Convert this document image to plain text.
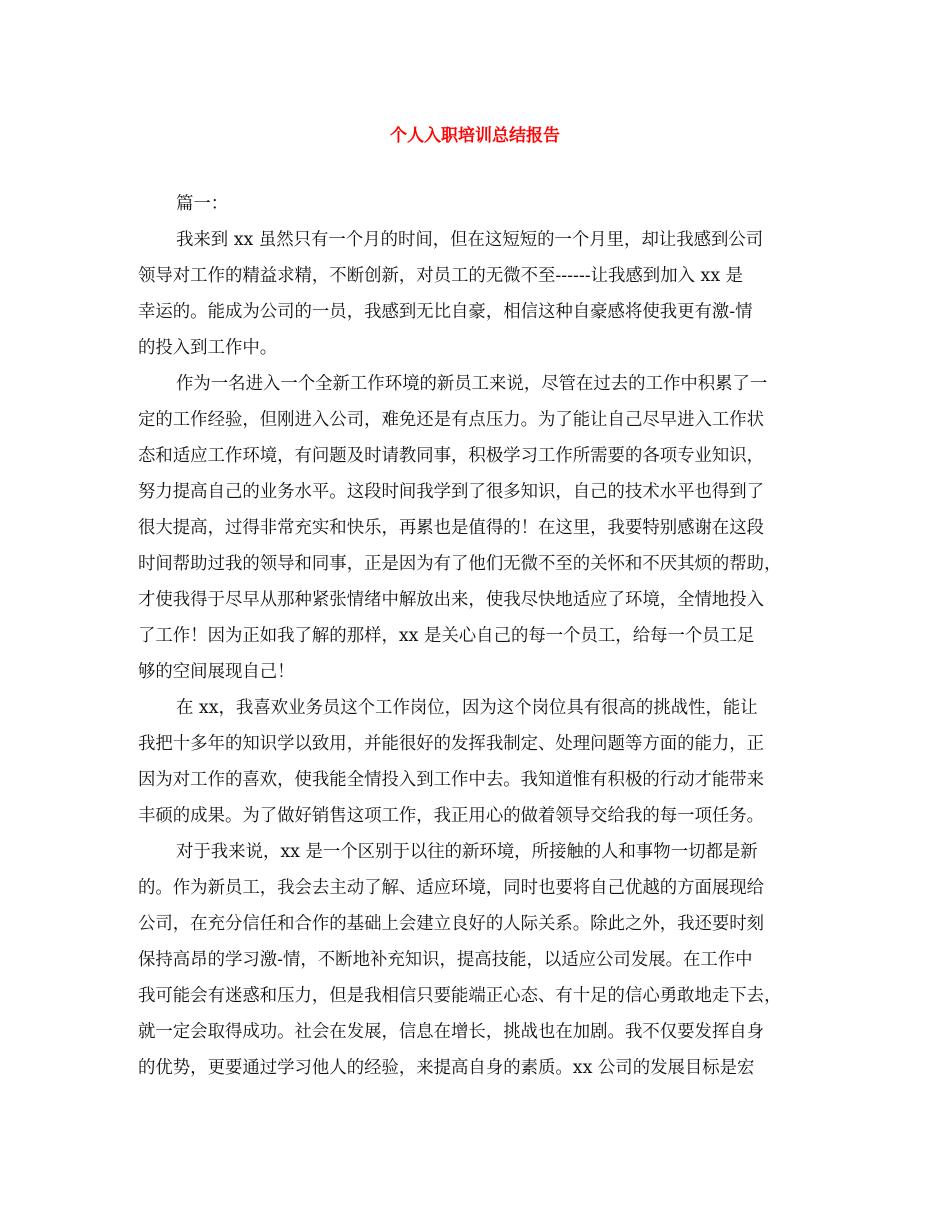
个人入职培训总结报告
篇一：
我来到 xx 虽然只有一个月的时间，但在这短短的一个月里，却让我感到公司
领导对工作的精益求精，不断创新，对员工的无微不至------让我感到加入 xx 是
幸运的。能成为公司的一员，我感到无比自豪，相信这种自豪感将使我更有激-情
的投入到工作中。
作为一名进入一个全新工作环境的新员工来说，尽管在过去的工作中积累了一
定的工作经验，但刚进入公司，难免还是有点压力。为了能让自己尽早进入工作状
态和适应工作环境，有问题及时请教同事，积极学习工作所需要的各项专业知识，
努力提高自己的业务水平。这段时间我学到了很多知识，自己的技术水平也得到了
很大提高，过得非常充实和快乐，再累也是值得的！在这里，我要特别感谢在这段
时间帮助过我的领导和同事，正是因为有了他们无微不至的关怀和不厌其烦的帮助，
才使我得于尽早从那种紧张情绪中解放出来，使我尽快地适应了环境，全情地投入
了工作！因为正如我了解的那样，xx 是关心自己的每一个员工，给每一个员工足
够的空间展现自己！
在 xx，我喜欢业务员这个工作岗位，因为这个岗位具有很高的挑战性，能让
我把十多年的知识学以致用，并能很好的发挥我制定、处理问题等方面的能力，正
因为对工作的喜欢，使我能全情投入到工作中去。我知道惟有积极的行动才能带来
丰硕的成果。为了做好销售这项工作，我正用心的做着领导交给我的每一项任务。
对于我来说，xx 是一个区别于以往的新环境，所接触的人和事物一切都是新
的。作为新员工，我会去主动了解、适应环境，同时也要将自己优越的方面展现给
公司，在充分信任和合作的基础上会建立良好的人际关系。除此之外，我还要时刻
保持高昂的学习激-情，不断地补充知识，提高技能，以适应公司发展。在工作中
我可能会有迷惑和压力，但是我相信只要能端正心态、有十足的信心勇敢地走下去，
就一定会取得成功。社会在发展，信息在增长，挑战也在加剧。我不仅要发挥自身
的优势，更要通过学习他人的经验，来提高自身的素质。xx 公司的发展目标是宏
